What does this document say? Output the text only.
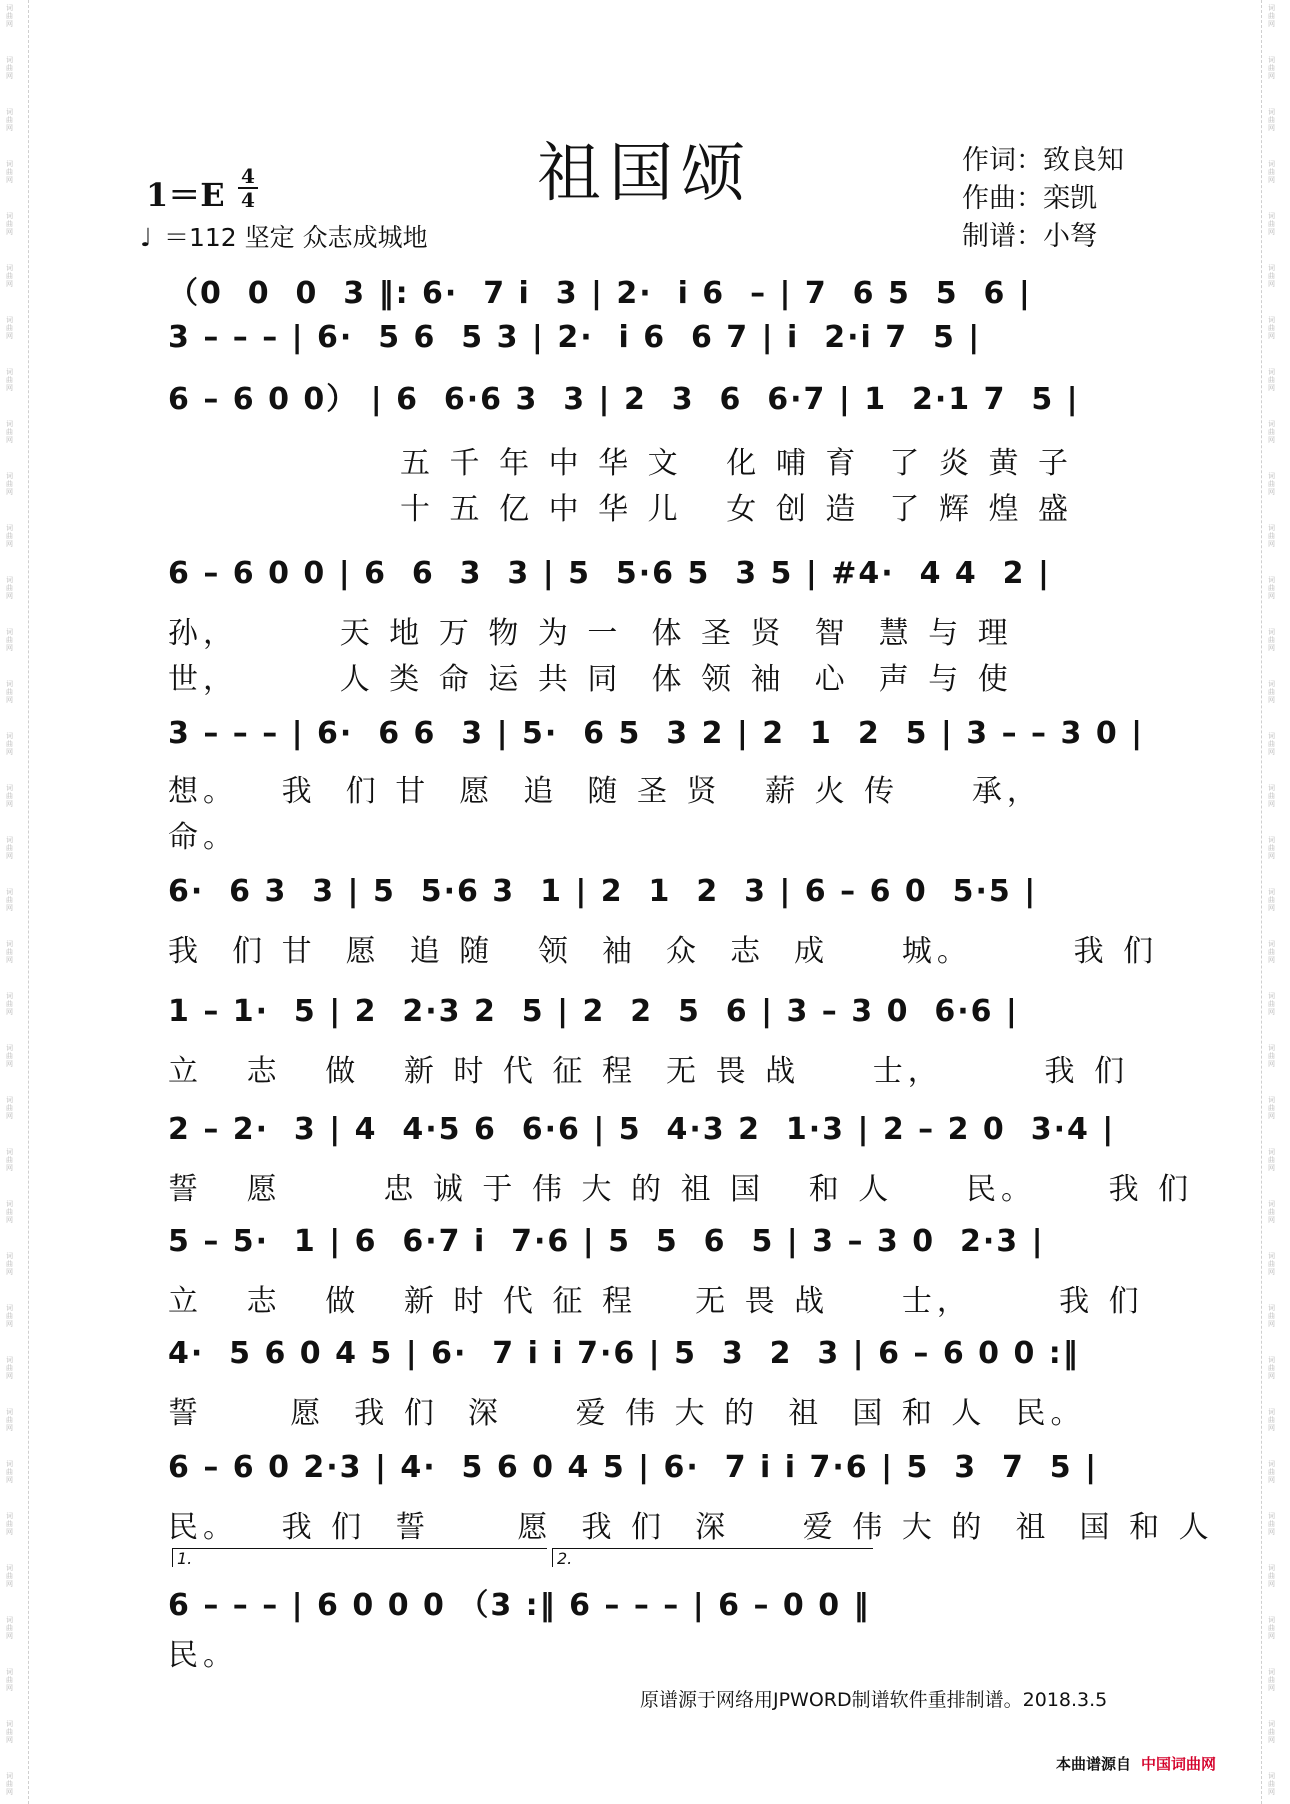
词曲网
词曲网
词曲网
词曲网
词曲网
词曲网
词曲网
词曲网
词曲网
词曲网
词曲网
词曲网
词曲网
词曲网
词曲网
词曲网
词曲网
词曲网
词曲网
词曲网
词曲网
词曲网
词曲网
词曲网
词曲网
词曲网
词曲网
词曲网
词曲网
词曲网
词曲网
词曲网
词曲网
词曲网
词曲网
词曲网
词曲网
词曲网
词曲网
词曲网
词曲网
词曲网
词曲网
词曲网
词曲网
词曲网
词曲网
词曲网
词曲网
词曲网
词曲网
词曲网
词曲网
词曲网
词曲网
词曲网
词曲网
词曲网
词曲网
词曲网
词曲网
词曲网
词曲网
词曲网
词曲网
词曲网
词曲网
词曲网
词曲网
词曲网
祖国颂	作词：致良知
作曲：栾凯
制谱：小弩
1＝E 4
4
♩ ＝112 坚定 众志成城地
（0  0  0  3 ‖: 6·  7 i  3 | 2·  i 6  – | 7  6 5  5  6 |
3 – – – | 6·  5 6  5 3 | 2·  i 6  6 7 | i  2·i 7  5 |
6 – 6 0 0） | 6  6·6 3  3 | 2  3  6  6·7 | 1  2·1 7  5 |
五 千 年 中 华 文   化 哺 育  了 炎 黄 子
十 五 亿 中 华 儿   女 创 造  了 辉 煌 盛
6 – 6 0 0 | 6  6  3  3 | 5  5·6 5  3 5 | #4·  4 4  2 |
孙，       天 地 万 物 为 一  体 圣 贤  智  慧 与 理
世，       人 类 命 运 共 同  体 领 袖  心  声 与 使
3 – – – | 6·  6 6  3 | 5·  6 5  3 2 | 2  1  2  5 | 3 – – 3 0 |
想。   我  们 甘  愿  追  随 圣 贤   薪 火 传     承，
命。
6·  6 3  3 | 5  5·6 3  1 | 2  1  2  3 | 6 – 6 0  5·5 |
我  们 甘  愿  追 随   领  袖  众  志  成     城。       我 们
1 – 1·  5 | 2  2·3 2  5 | 2  2  5  6 | 3 – 3 0  6·6 |
立   志   做   新 时 代 征 程  无 畏 战     士，       我 们
2 – 2·  3 | 4  4·5 6  6·6 | 5  4·3 2  1·3 | 2 – 2 0  3·4 |
誓   愿       忠 诚 于 伟 大 的 祖 国   和 人     民。     我 们
5 – 5·  1 | 6  6·7 i  7·6 | 5  5  6  5 | 3 – 3 0  2·3 |
立   志   做   新 时 代 征 程    无 畏 战     士，      我 们
4·  5 6 0 4 5 | 6·  7 i i 7·6 | 5  3  2  3 | 6 – 6 0 0 :‖
誓      愿  我 们  深     爱 伟 大 的  祖  国 和 人  民。
6 – 6 0 2·3 | 4·  5 6 0 4 5 | 6·  7 i i 7·6 | 5  3  7  5 |
民。   我 们  誓      愿  我 们  深     爱 伟 大 的  祖  国 和 人
1.	2.
6 – – – | 6 0 0 0 （3 :‖ 6 – – – | 6 – 0 0 ‖
民。
原谱源于网络用JPWORD制谱软件重排制谱。2018.3.5
本曲谱源自 中国词曲网
